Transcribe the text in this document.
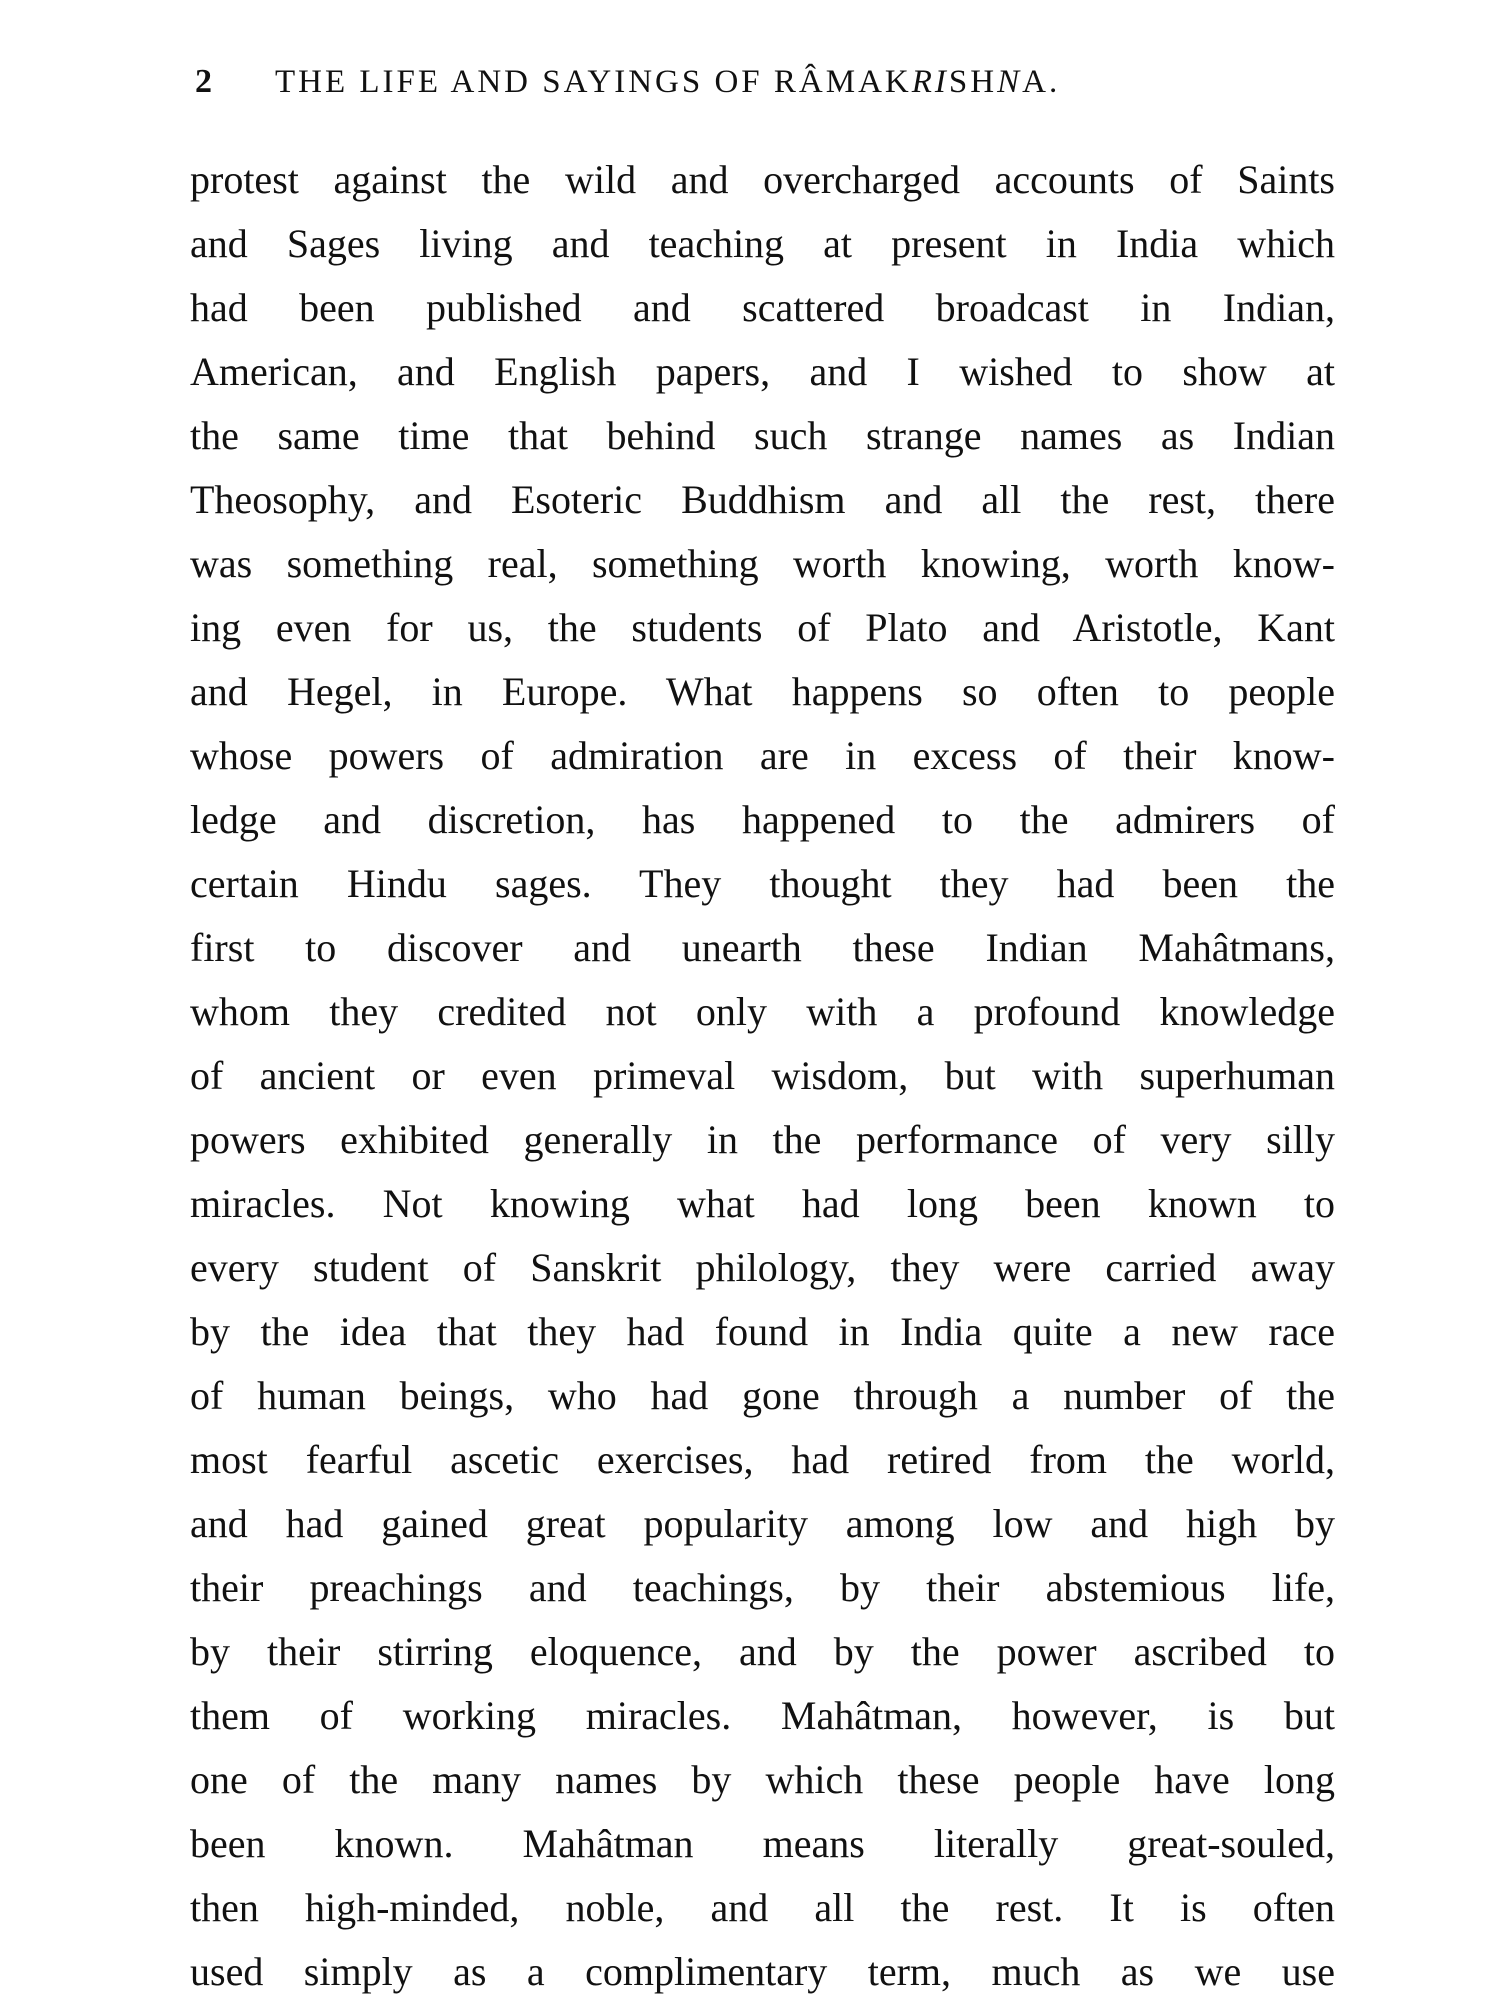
2	THE LIFE AND SAYINGS OF RÂMAKRISHNA.
protest against the wild and overcharged accounts of Saints
and Sages living and teaching at present in India which
had been published and scattered broadcast in Indian,
American, and English papers, and I wished to show at
the same time that behind such strange names as Indian
Theosophy, and Esoteric Buddhism and all the rest, there
was something real, something worth knowing, worth know-
ing even for us, the students of Plato and Aristotle, Kant
and Hegel, in Europe. What happens so often to people
whose powers of admiration are in excess of their know-
ledge and discretion, has happened to the admirers of
certain Hindu sages. They thought they had been the
first to discover and unearth these Indian Mahâtmans,
whom they credited not only with a profound knowledge
of ancient or even primeval wisdom, but with superhuman
powers exhibited generally in the performance of very silly
miracles. Not knowing what had long been known to
every student of Sanskrit philology, they were carried away
by the idea that they had found in India quite a new race
of human beings, who had gone through a number of the
most fearful ascetic exercises, had retired from the world,
and had gained great popularity among low and high by
their preachings and teachings, by their abstemious life,
by their stirring eloquence, and by the power ascribed to
them of working miracles. Mahâtman, however, is but
one of the many names by which these people have long
been known. Mahâtman means literally great-souled,
then high-minded, noble, and all the rest. It is often
used simply as a complimentary term, much as we use
